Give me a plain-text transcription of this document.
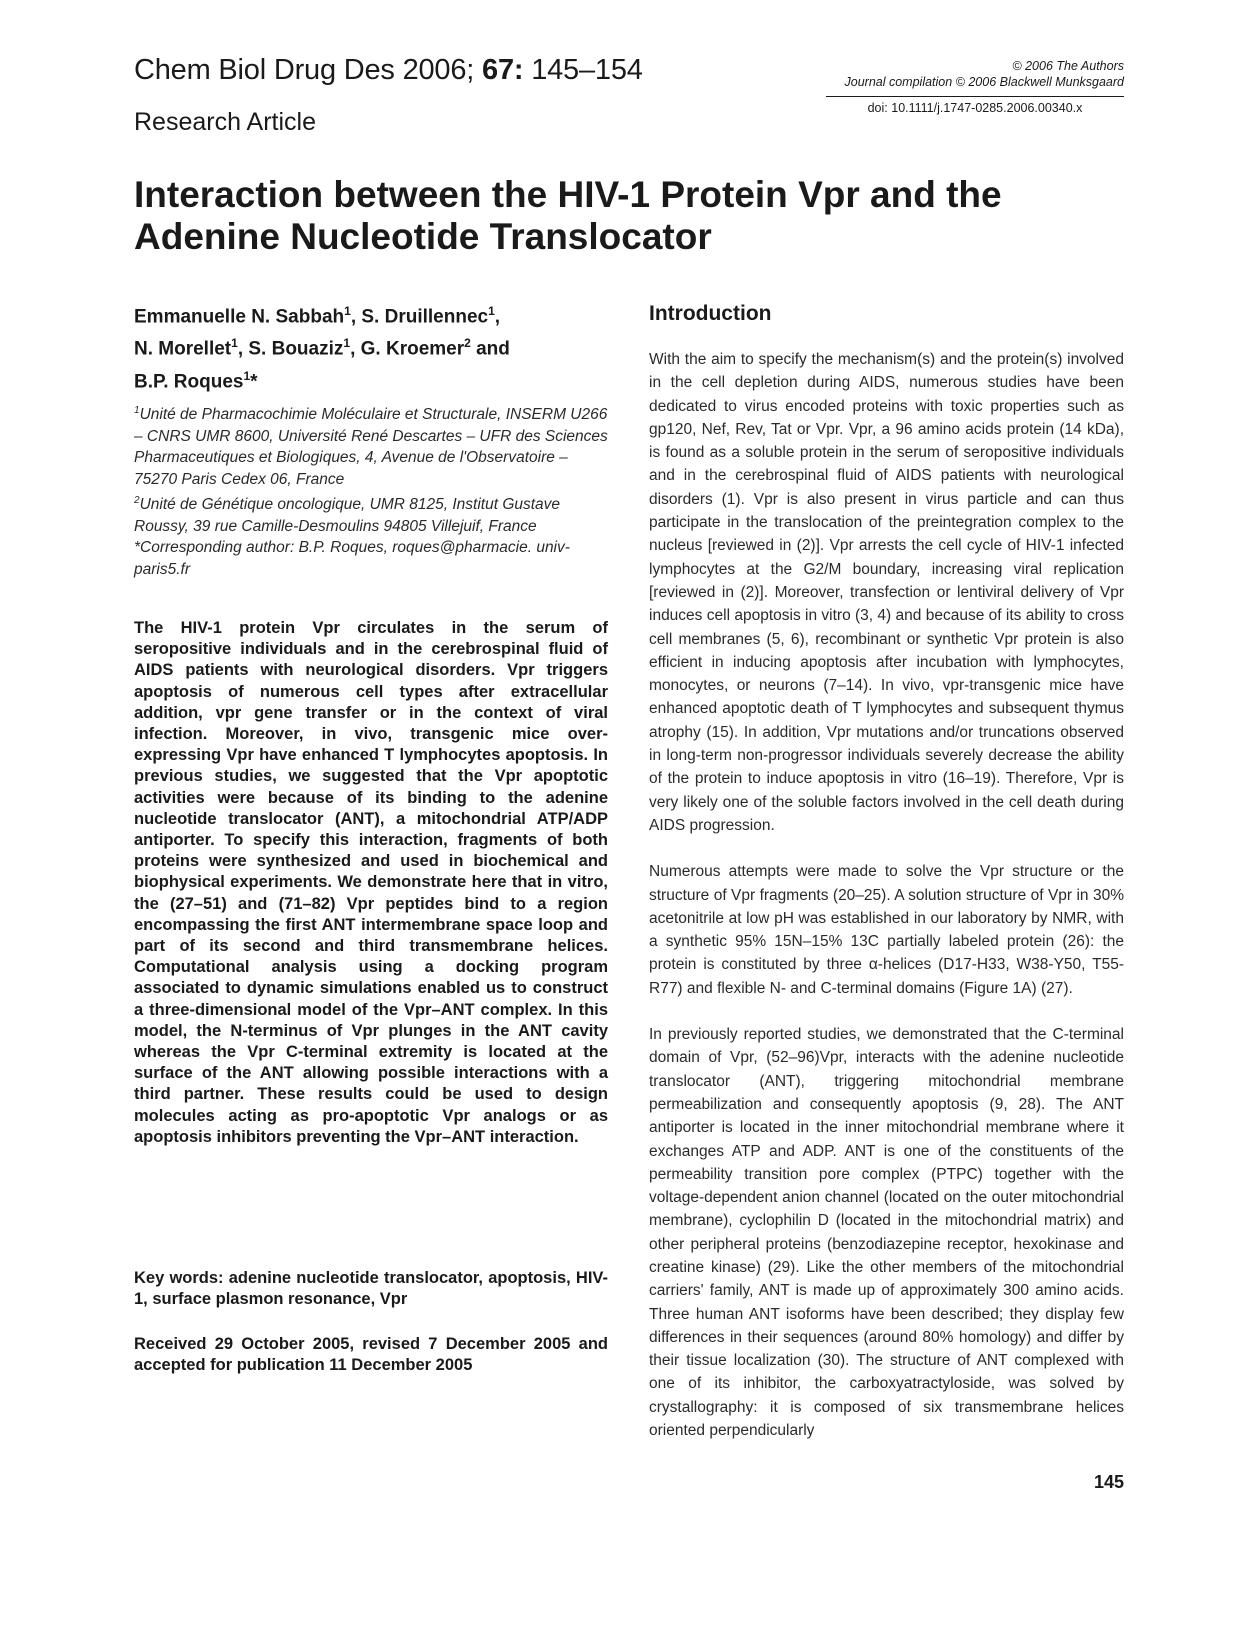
Chem Biol Drug Des 2006; 67: 145–154
Research Article
© 2006 The Authors
Journal compilation © 2006 Blackwell Munksgaard
doi: 10.1111/j.1747-0285.2006.00340.x
Interaction between the HIV-1 Protein Vpr and the Adenine Nucleotide Translocator
Emmanuelle N. Sabbah$^1$, S. Druillennec$^1$,
N. Morellet$^1$, S. Bouaziz$^1$, G. Kroemer$^2$ and
B.P. Roques$^1$*

$^1$Unité de Pharmacochimie Moléculaire et Structurale, INSERM U266 – CNRS UMR 8600, Université René Descartes – UFR des Sciences Pharmaceutiques et Biologiques, 4, Avenue de l'Observatoire – 75270 Paris Cedex 06, France

$^2$Unité de Génétique oncologique, UMR 8125, Institut Gustave Roussy, 39 rue Camille-Desmoulins 94805 Villejuif, France

*Corresponding author: B.P. Roques, roques@pharmacie. univ-paris5.fr

The HIV-1 protein Vpr circulates in the serum of seropositive individuals and in the cerebrospinal fluid of AIDS patients with neurological disorders. Vpr triggers apoptosis of numerous cell types after extracellular addition, vpr gene transfer or in the context of viral infection. Moreover, in vivo, transgenic mice over-expressing Vpr have enhanced T lymphocytes apoptosis. In previous studies, we suggested that the Vpr apoptotic activities were because of its binding to the adenine nucleotide translocator (ANT), a mitochondrial ATP/ADP antiporter. To specify this interaction, fragments of both proteins were synthesized and used in biochemical and biophysical experiments. We demonstrate here that in vitro, the (27–51) and (71–82) Vpr peptides bind to a region encompassing the first ANT intermembrane space loop and part of its second and third transmembrane helices. Computational analysis using a docking program associated to dynamic simulations enabled us to construct a three-dimensional model of the Vpr–ANT complex. In this model, the N-terminus of Vpr plunges in the ANT cavity whereas the Vpr C-terminal extremity is located at the surface of the ANT allowing possible interactions with a third partner. These results could be used to design molecules acting as pro-apoptotic Vpr analogs or as apoptosis inhibitors preventing the Vpr–ANT interaction.
Key words: adenine nucleotide translocator, apoptosis, HIV-1, surface plasmon resonance, Vpr
Received 29 October 2005, revised 7 December 2005 and accepted for publication 11 December 2005
Introduction

With the aim to specify the mechanism(s) and the protein(s) involved in the cell depletion during AIDS, numerous studies have been dedicated to virus encoded proteins with toxic properties such as gp120, Nef, Rev, Tat or Vpr. Vpr, a 96 amino acids protein (14 kDa), is found as a soluble protein in the serum of seropositive individuals and in the cerebrospinal fluid of AIDS patients with neurological disorders (1). Vpr is also present in virus particle and can thus participate in the translocation of the preintegration complex to the nucleus [reviewed in (2)]. Vpr arrests the cell cycle of HIV-1 infected lymphocytes at the G2/M boundary, increasing viral replication [reviewed in (2)]. Moreover, transfection or lentiviral delivery of Vpr induces cell apoptosis in vitro (3, 4) and because of its ability to cross cell membranes (5, 6), recombinant or synthetic Vpr protein is also efficient in inducing apoptosis after incubation with lymphocytes, monocytes, or neurons (7–14). In vivo, vpr-transgenic mice have enhanced apoptotic death of T lymphocytes and subsequent thymus atrophy (15). In addition, Vpr mutations and/or truncations observed in long-term non-progressor individuals severely decrease the ability of the protein to induce apoptosis in vitro (16–19). Therefore, Vpr is very likely one of the soluble factors involved in the cell death during AIDS progression.

Numerous attempts were made to solve the Vpr structure or the structure of Vpr fragments (20–25). A solution structure of Vpr in 30% acetonitrile at low pH was established in our laboratory by NMR, with a synthetic 95% 15N–15% 13C partially labeled protein (26): the protein is constituted by three α-helices (D17-H33, W38-Y50, T55-R77) and flexible N- and C-terminal domains (Figure 1A) (27).

In previously reported studies, we demonstrated that the C-terminal domain of Vpr, (52–96)Vpr, interacts with the adenine nucleotide translocator (ANT), triggering mitochondrial membrane permeabilization and consequently apoptosis (9, 28). The ANT antiporter is located in the inner mitochondrial membrane where it exchanges ATP and ADP. ANT is one of the constituents of the permeability transition pore complex (PTPC) together with the voltage-dependent anion channel (located on the outer mitochondrial membrane), cyclophilin D (located in the mitochondrial matrix) and other peripheral proteins (benzodiazepine receptor, hexokinase and creatine kinase) (29). Like the other members of the mitochondrial carriers' family, ANT is made up of approximately 300 amino acids. Three human ANT isoforms have been described; they display few differences in their sequences (around 80% homology) and differ by their tissue localization (30). The structure of ANT complexed with one of its inhibitor, the carboxyatractyloside, was solved by crystallography: it is composed of six transmembrane helices oriented perpendicularly

145
